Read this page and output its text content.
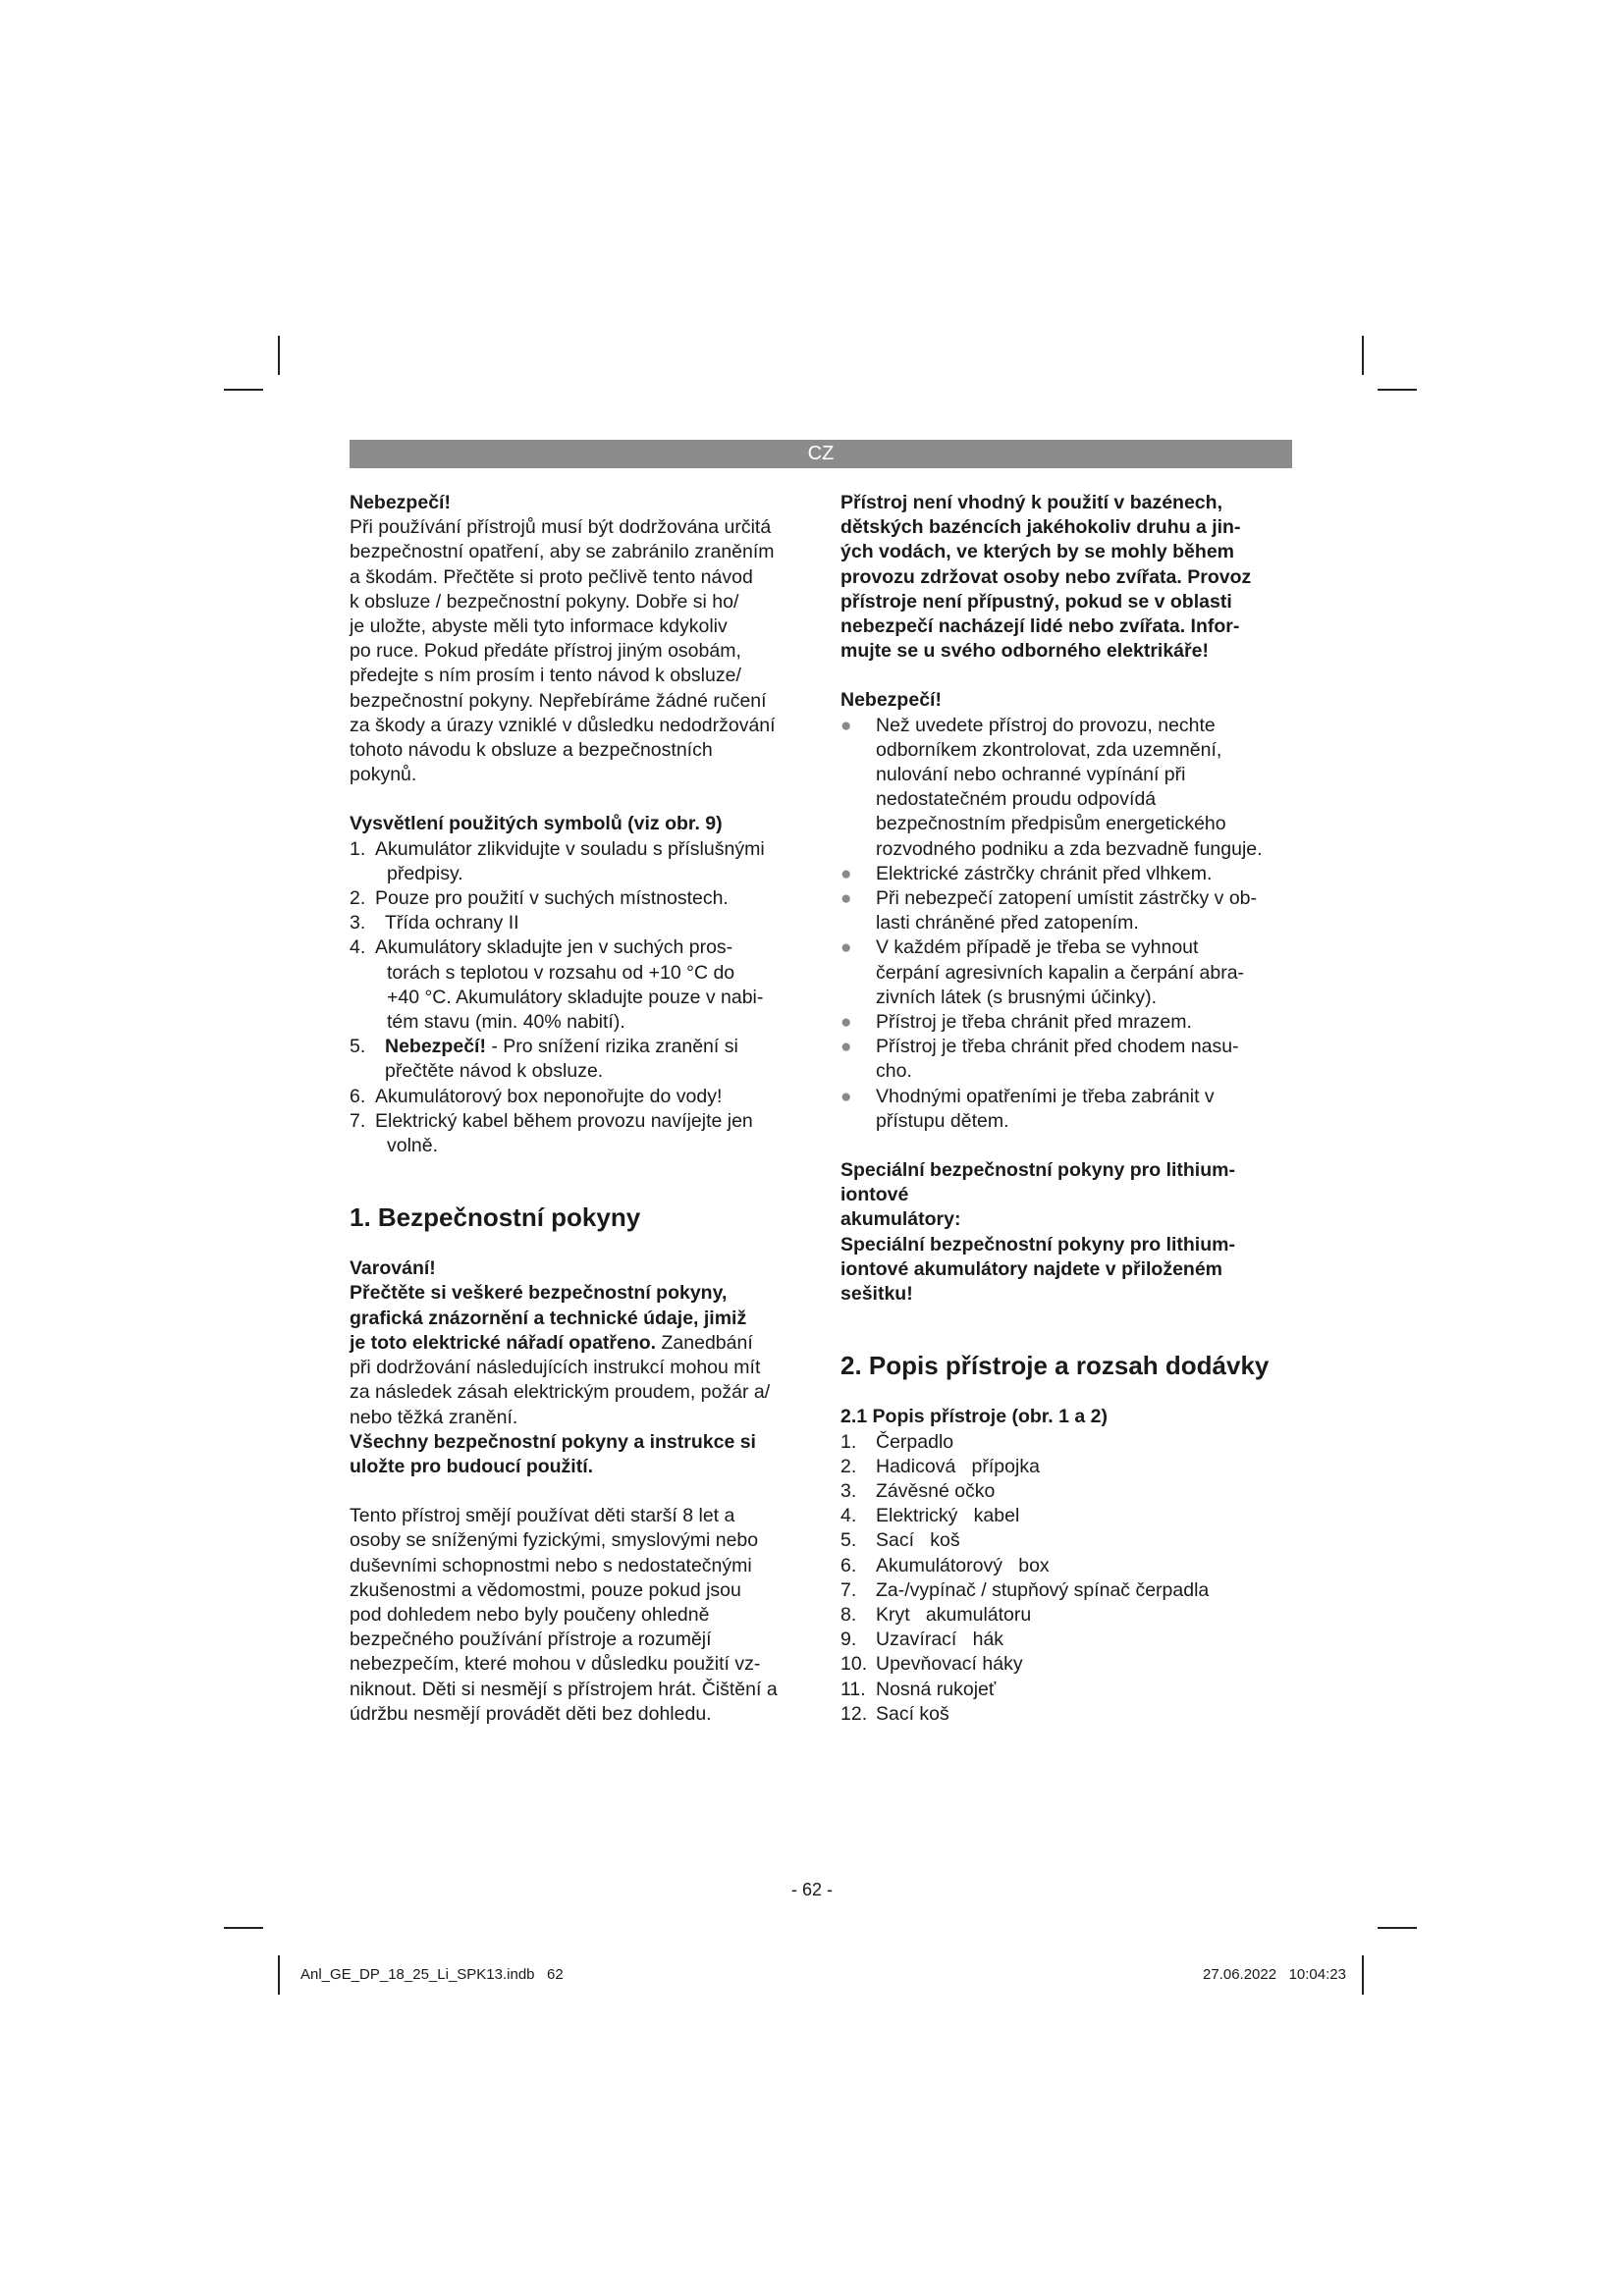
CZ
Nebezpečí!
Při používání přístrojů musí být dodržována určitá
bezpečnostní opatření, aby se zabránilo zraněním
a škodám. Přečtěte si proto pečlivě tento návod
k obsluze / bezpečnostní pokyny. Dobře si ho/
je uložte, abyste měli tyto informace kdykoliv
po ruce. Pokud předáte přístroj jiným osobám,
předejte s ním prosím i tento návod k obsluze/
bezpečnostní pokyny. Nepřebíráme žádné ručení
za škody a úrazy vzniklé v důsledku nedodržování
tohoto návodu k obsluze a bezpečnostních
pokynů.
Vysvětlení použitých symbolů (viz obr. 9)
1. Akumulátor zlikvidujte v souladu s příslušnými
předpisy.
2. Pouze pro použití v suchých místnostech.
3. Třída ochrany II
4. Akumulátory skladujte jen v suchých pros-
torách s teplotou v rozsahu od +10 °C do
+40 °C. Akumulátory skladujte pouze v nabi-
tém stavu (min. 40% nabití).
5. Nebezpečí! - Pro snížení rizika zranění si
přečtěte návod k obsluze.
6. Akumulátorový box neponořujte do vody!
7. Elektrický kabel během provozu navíjejte jen
volně.
1. Bezpečnostní pokyny
Varování!
Přečtěte si veškeré bezpečnostní pokyny,
grafická znázornění a technické údaje, jimiž
je toto elektrické nářadí opatřeno. Zanedbání
při dodržování následujících instrukcí mohou mít
za následek zásah elektrickým proudem, požár a/
nebo těžká zranění.
Všechny bezpečnostní pokyny a instrukce si
uložte pro budoucí použití.
Tento přístroj smějí používat děti starší 8 let a
osoby se sníženými fyzickými, smyslovými nebo
duševními schopnostmi nebo s nedostatečnými
zkušenostmi a vědomostmi, pouze pokud jsou
pod dohledem nebo byly poučeny ohledně
bezpečného používání přístroje a rozumějí
nebezpečím, které mohou v důsledku použití vz-
niknout. Děti si nesmějí s přístrojem hrát. Čištění a
údržbu nesmějí provádět děti bez dohledu.
Přístroj není vhodný k použití v bazénech,
dětských bazéncích jakéhokoliv druhu a jin-
ých vodách, ve kterých by se mohly během
provozu zdržovat osoby nebo zvířata. Provoz
přístroje není přípustný, pokud se v oblasti
nebezpečí nacházejí lidé nebo zvířata. Infor-
mujte se u svého odborného elektrikáře!
Nebezpečí!
● Než uvedete přístroj do provozu, nechte
odborníkem zkontrolovat, zda uzemnění,
nulování nebo ochranné vypínání při
nedostatečném proudu odpovídá
bezpečnostním předpisům energetického
rozvodného podniku a zda bezvadně funguje.
● Elektrické zástrčky chránit před vlhkem.
● Při nebezpečí zatopení umístit zástrčky v ob-
lasti chráněné před zatopením.
● V každém případě je třeba se vyhnout
čerpání agresivních kapalin a čerpání abra-
zivních látek (s brusnými účinky).
● Přístroj je třeba chránit před mrazem.
● Přístroj je třeba chránit před chodem nasu-
cho.
● Vhodnými opatřeními je třeba zabránit v
přístupu dětem.
Speciální bezpečnostní pokyny pro lithium-
iontové
akumulátory:
Speciální bezpečnostní pokyny pro lithium-
iontové akumulátory najdete v přiloženém
sešitku!
2. Popis přístroje a rozsah dodávky
2.1 Popis přístroje (obr. 1 a 2)
1. Čerpadlo
2. Hadicová   přípojka
3. Závěsné očko
4. Elektrický   kabel
5. Sací   koš
6. Akumulátorový   box
7. Za-/vypínač / stupňový spínač čerpadla
8. Kryt   akumulátoru
9. Uzavírací   hák
10. Upevňovací háky
11. Nosná rukojeť
12. Sací koš
- 62 -
Anl_GE_DP_18_25_Li_SPK13.indb   62	27.06.2022   10:04:23
